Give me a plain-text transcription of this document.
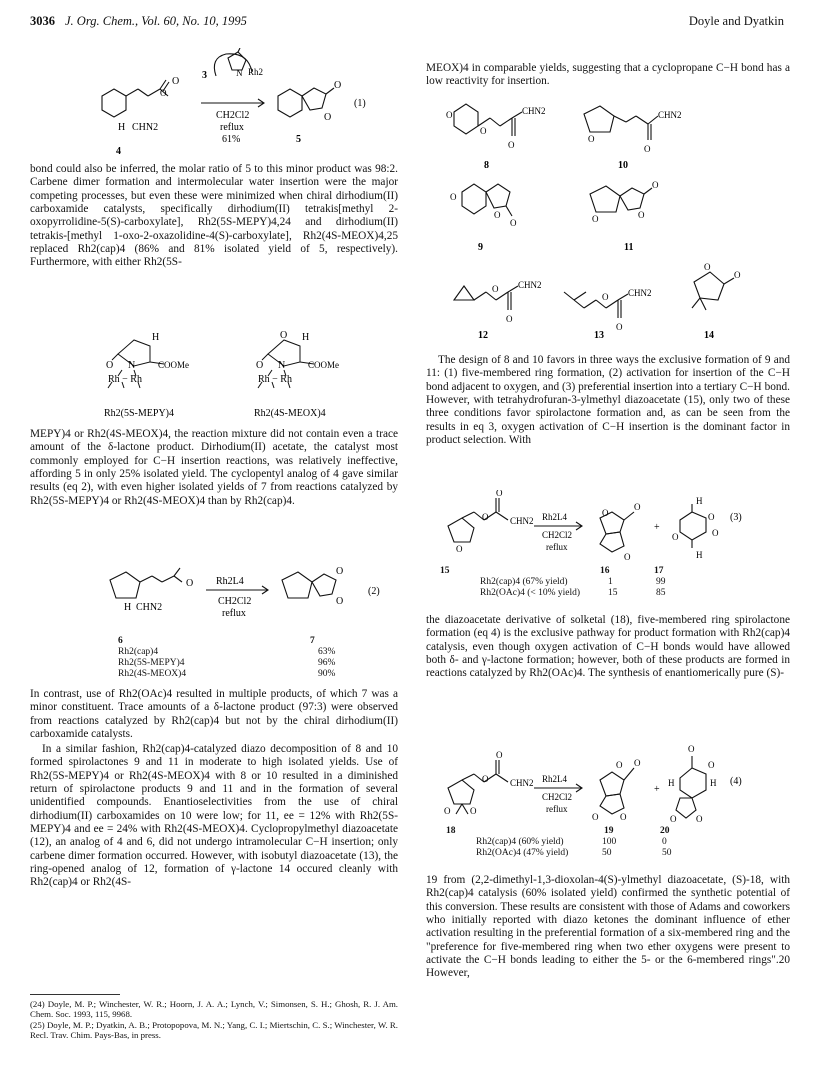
3036 J. Org. Chem., Vol. 60, No. 10, 1995	Doyle and Dyatkin
O
O
H CHN2
4
3	N Rh2
CH2Cl2
reflux
61%
O
O
5
(1)

bond could also be inferred, the molar ratio of 5 to this minor product was 98:2. Carbene dimer formation and intermolecular water insertion were the major competing processes, but even these were minimized when chiral dirhodium(II) carboxamide catalysts, specifically dirhodium(II) tetrakis[methyl 2-oxopyrrolidine-5(S)-carboxylate], Rh2(5S-MEPY)4,24 and dirhodium(II) tetrakis-[methyl 1-oxo-2-oxazolidine-4(S)-carboxylate], Rh2(4S-MEOX)4,25 replaced Rh2(cap)4 (86% and 81% isolated yield of 5, respectively). Furthermore, with either Rh2(5S-

H
O N	COOMe
Rh − Rh
Rh2(5S-MEPY)4
O H
O N	COOMe
Rh − Rh
Rh2(4S-MEOX)4

MEPY)4 or Rh2(4S-MEOX)4, the reaction mixture did not contain even a trace amount of the δ-lactone product. Dirhodium(II) acetate, the catalyst most commonly employed for C−H insertion reactions, was relatively ineffective, affording 5 in only 25% isolated yield. The cyclopentyl analog of 4 gave similar results (eq 2), with even higher isolated yields of 7 from reactions catalyzed by Rh2(5S-MEPY)4 or Rh2(4S-MEOX)4 than by Rh2(cap)4.

O
H CHN2
Rh2L4
CH2Cl2
reflux
O
O
(2)
6	7
Rh2(cap)4	63%
Rh2(5S-MEPY)4	96%
Rh2(4S-MEOX)4	90%

In contrast, use of Rh2(OAc)4 resulted in multiple products, of which 7 was a minor constituent. Trace amounts of a δ-lactone product (97:3) were observed from reactions catalyzed by Rh2(cap)4 but not by the chiral dirhodium(II) carboxamide catalysts.

In a similar fashion, Rh2(cap)4-catalyzed diazo decomposition of 8 and 10 formed spirolactones 9 and 11 in moderate to high isolated yields. Use of Rh2(5S-MEPY)4 or Rh2(4S-MEOX)4 with 8 or 10 resulted in a diminished return of spirolactone products 9 and 11 and in the formation of several unidentified compounds. Enantioselectivities from the use of chiral dirhodium(II) carboxamides on 10 were low; for 11, ee = 12% with Rh2(5S-MEPY)4 and ee = 24% with Rh2(4S-MEOX)4. Cyclopropylmethyl diazoacetate (12), an analog of 4 and 6, did not undergo intramolecular C−H insertion; only carbene dimer formation occurred. However, with isobutyl diazoacetate (13), the ring-opened analog of 12, formation of γ-lactone 14 occured cleanly with Rh2(cap)4 or Rh2(4S-

(24) Doyle, M. P.; Winchester, W. R.; Hoorn, J. A. A.; Lynch, V.; Simonsen, S. H.; Ghosh, R. J. Am. Chem. Soc. 1993, 115, 9968.
(25) Doyle, M. P.; Dyatkin, A. B.; Protopopova, M. N.; Yang, C. I.; Miertschin, C. S.; Winchester, W. R. Recl. Trav. Chim. Pays-Bas, in press.

MEOX)4 in comparable yields, suggesting that a cyclopropane C−H bond has a low reactivity for insertion.

O
O
O
CHN2
O
O
CHN2
8	10
O
O
O
O
O
O
9	11
O
O
CHN2
O
O
CHN2
O
O
12	13	14

The design of 8 and 10 favors in three ways the exclusive formation of 9 and 11: (1) five-membered ring formation, (2) activation for insertion of the C−H bond adjacent to oxygen, and (3) preferential insertion into a tertiary C−H bond. However, with tetrahydrofuran-3-ylmethyl diazoacetate (15), only two of these three conditions favor spirolactone formation and, as can be seen from the results in eq 3, oxygen activation of C−H insertion is the dominant factor in product selection. With

O
O
O
CHN2 Rh2L4
CH2Cl2
reflux
O
O
O
+
H
H
O
O
O
(3)
15	16	17
Rh2(cap)4 (67% yield)	1	99
Rh2(OAc)4 (< 10% yield)	15	85

the diazoacetate derivative of solketal (18), five-membered ring spirolactone formation (eq 4) is the exclusive pathway for product formation with Rh2(cap)4 catalysis, even though oxygen activation of C−H bonds would have allowed both δ- and γ-lactone formation; however, both of these products are formed in reactions catalyzed by Rh2(OAc)4. The synthesis of enantiomerically pure (S)-

O
O
O O
CHN2 Rh2L4
CH2Cl2
reflux
O O
O O
+
O
O
H	H
O O
(4)
18	19	20
Rh2(cap)4 (60% yield)	100	0
Rh2(OAc)4 (47% yield)	50	50

19 from (2,2-dimethyl-1,3-dioxolan-4(S)-ylmethyl diazoacetate, (S)-18, with Rh2(cap)4 catalysis (60% isolated yield) confirmed the synthetic potential of this conversion. These results are consistent with those of Adams and coworkers who initially reported with diazo ketones the dominant influence of ether activation resulting in the preferential formation of a six-membered ring and the "preference for five-membered ring when two ether oxygens were present to activate the C−H bonds leading to either the 5- or the 6-membered rings".20 However,
